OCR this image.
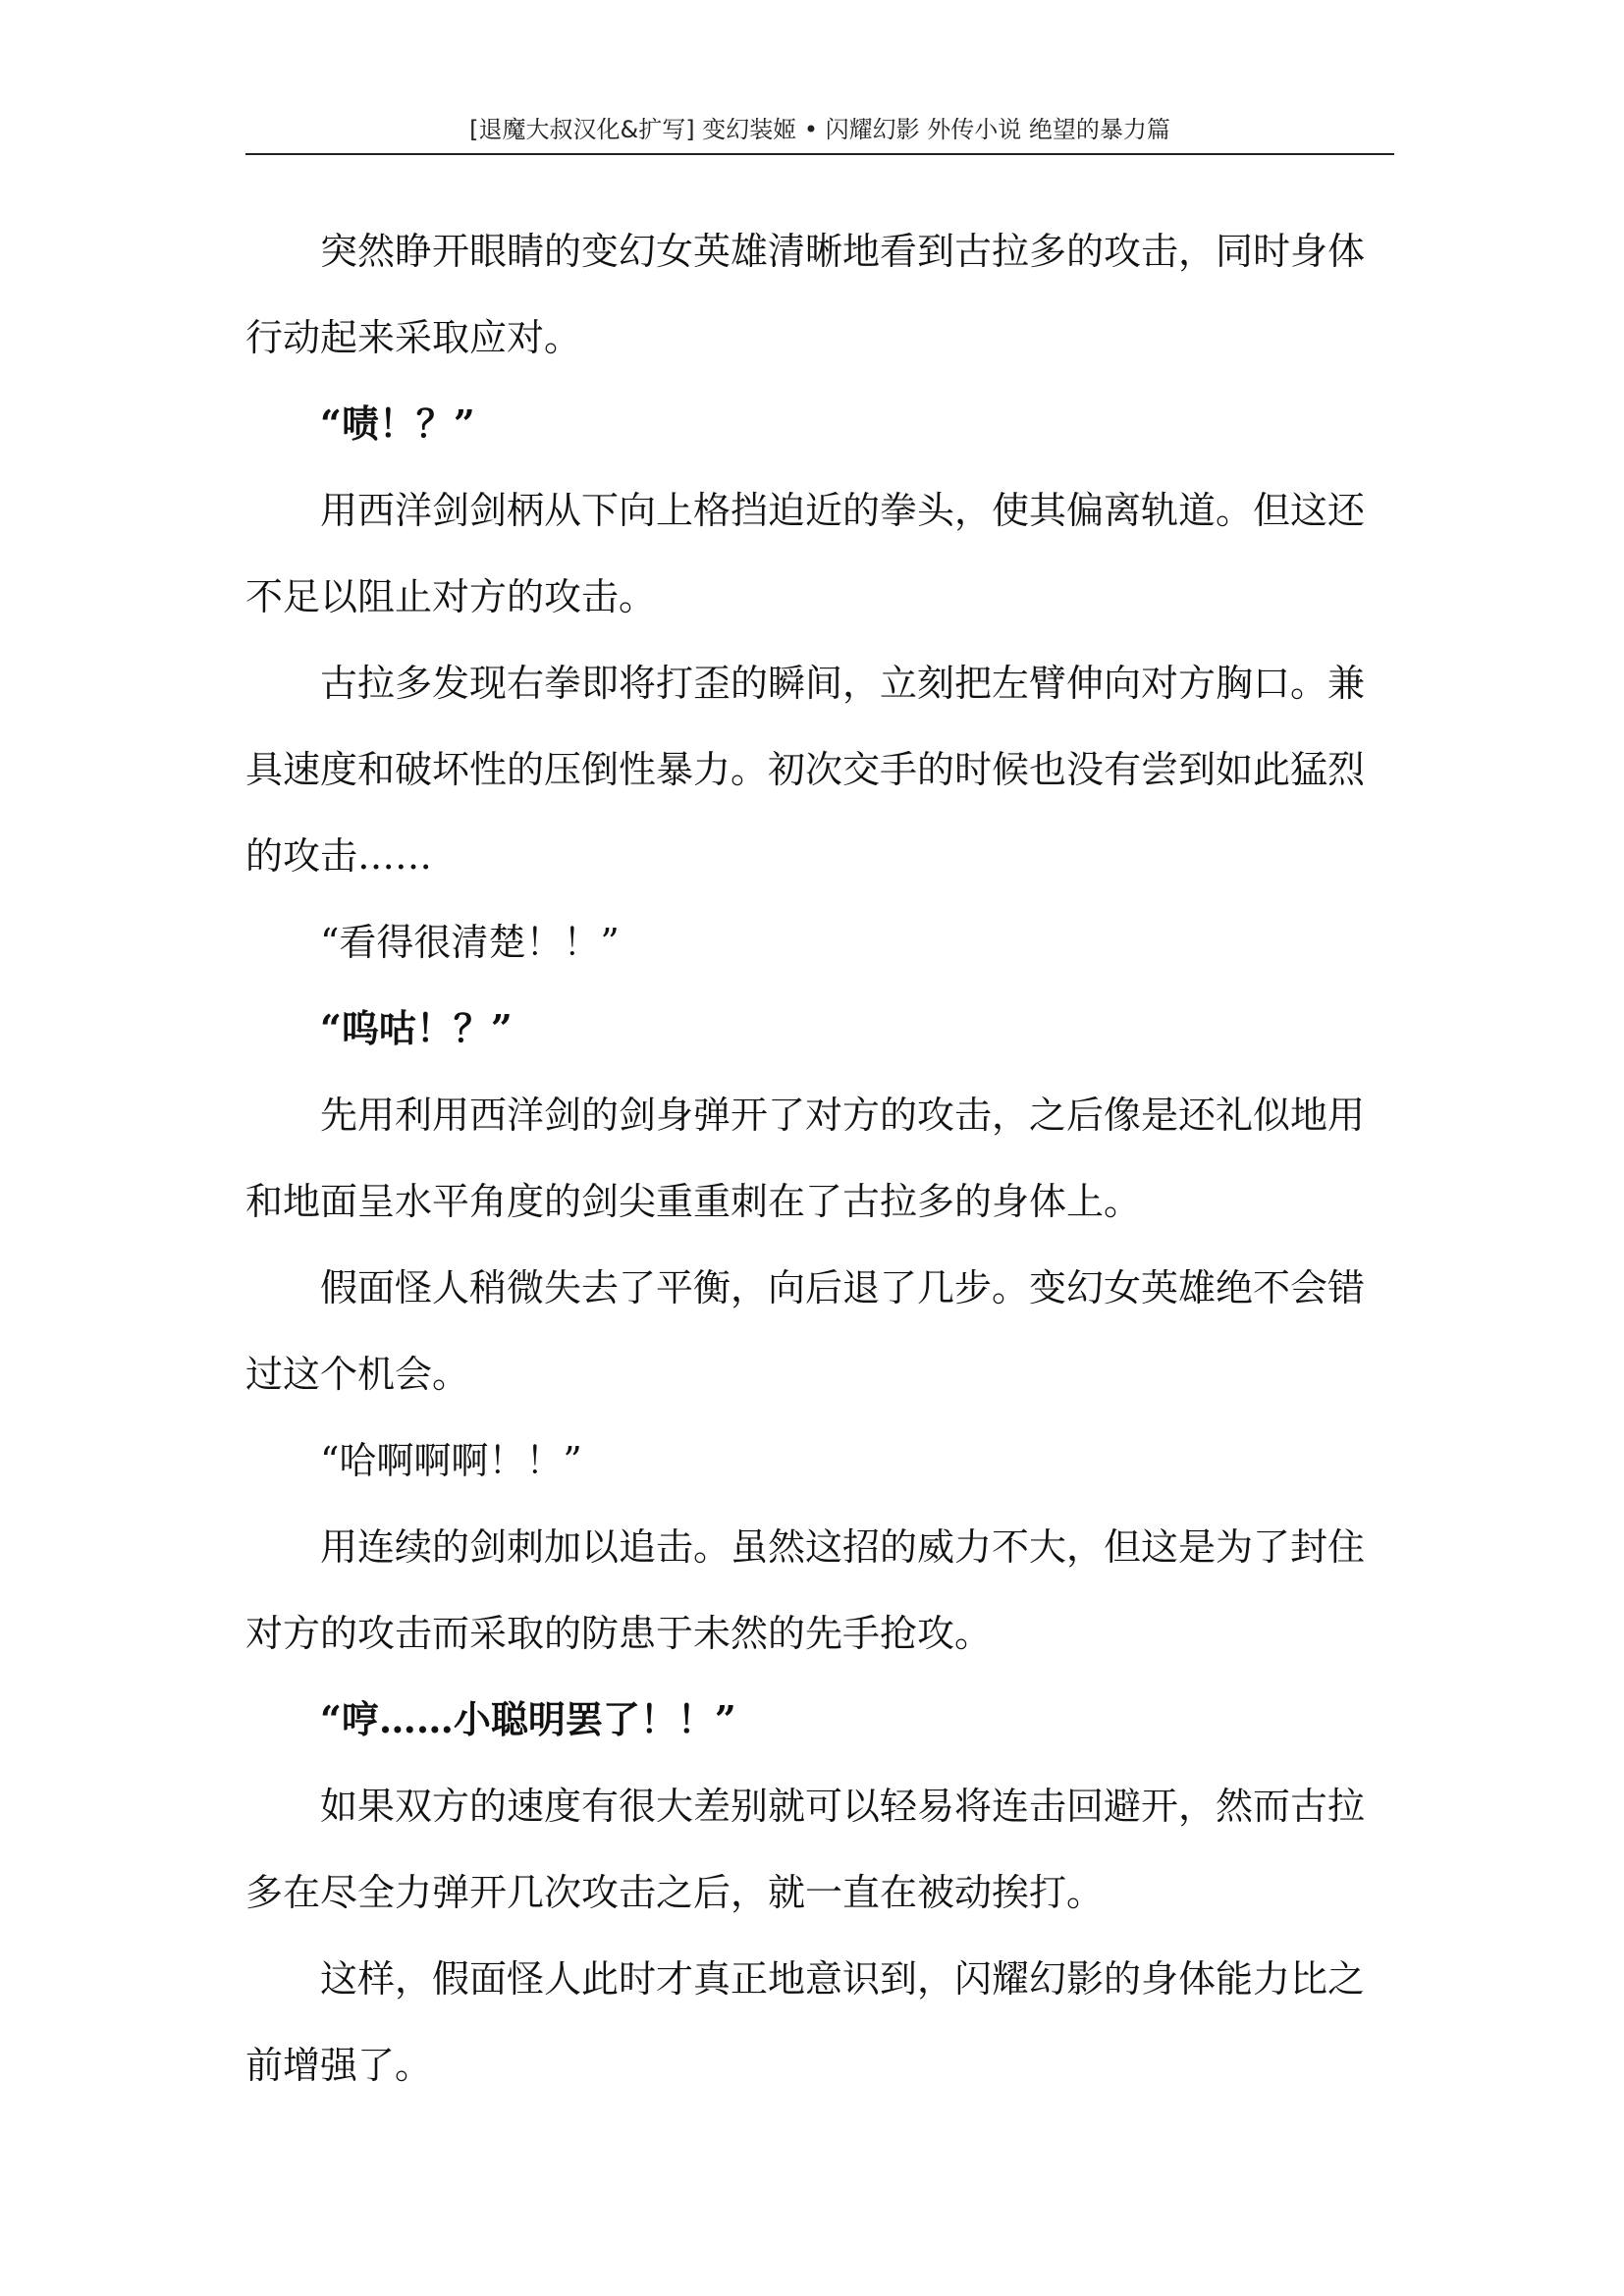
[退魔大叔汉化&扩写] 变幻装姬 • 闪耀幻影 外传小说 绝望的暴力篇

突然睁开眼睛的变幻女英雄清晰地看到古拉多的攻击，同时身体行动起来采取应对。

“啧！？”

用西洋剑剑柄从下向上格挡迫近的拳头，使其偏离轨道。但这还不足以阻止对方的攻击。

古拉多发现右拳即将打歪的瞬间，立刻把左臂伸向对方胸口。兼具速度和破坏性的压倒性暴力。初次交手的时候也没有尝到如此猛烈的攻击……

“看得很清楚！！”

“呜咕！？”

先用利用西洋剑的剑身弹开了对方的攻击，之后像是还礼似地用和地面呈水平角度的剑尖重重刺在了古拉多的身体上。

假面怪人稍微失去了平衡，向后退了几步。变幻女英雄绝不会错过这个机会。

“哈啊啊啊！！”

用连续的剑刺加以追击。虽然这招的威力不大，但这是为了封住对方的攻击而采取的防患于未然的先手抢攻。

“哼……小聪明罢了！！”

如果双方的速度有很大差别就可以轻易将连击回避开，然而古拉多在尽全力弹开几次攻击之后，就一直在被动挨打。

这样，假面怪人此时才真正地意识到，闪耀幻影的身体能力比之前增强了。
